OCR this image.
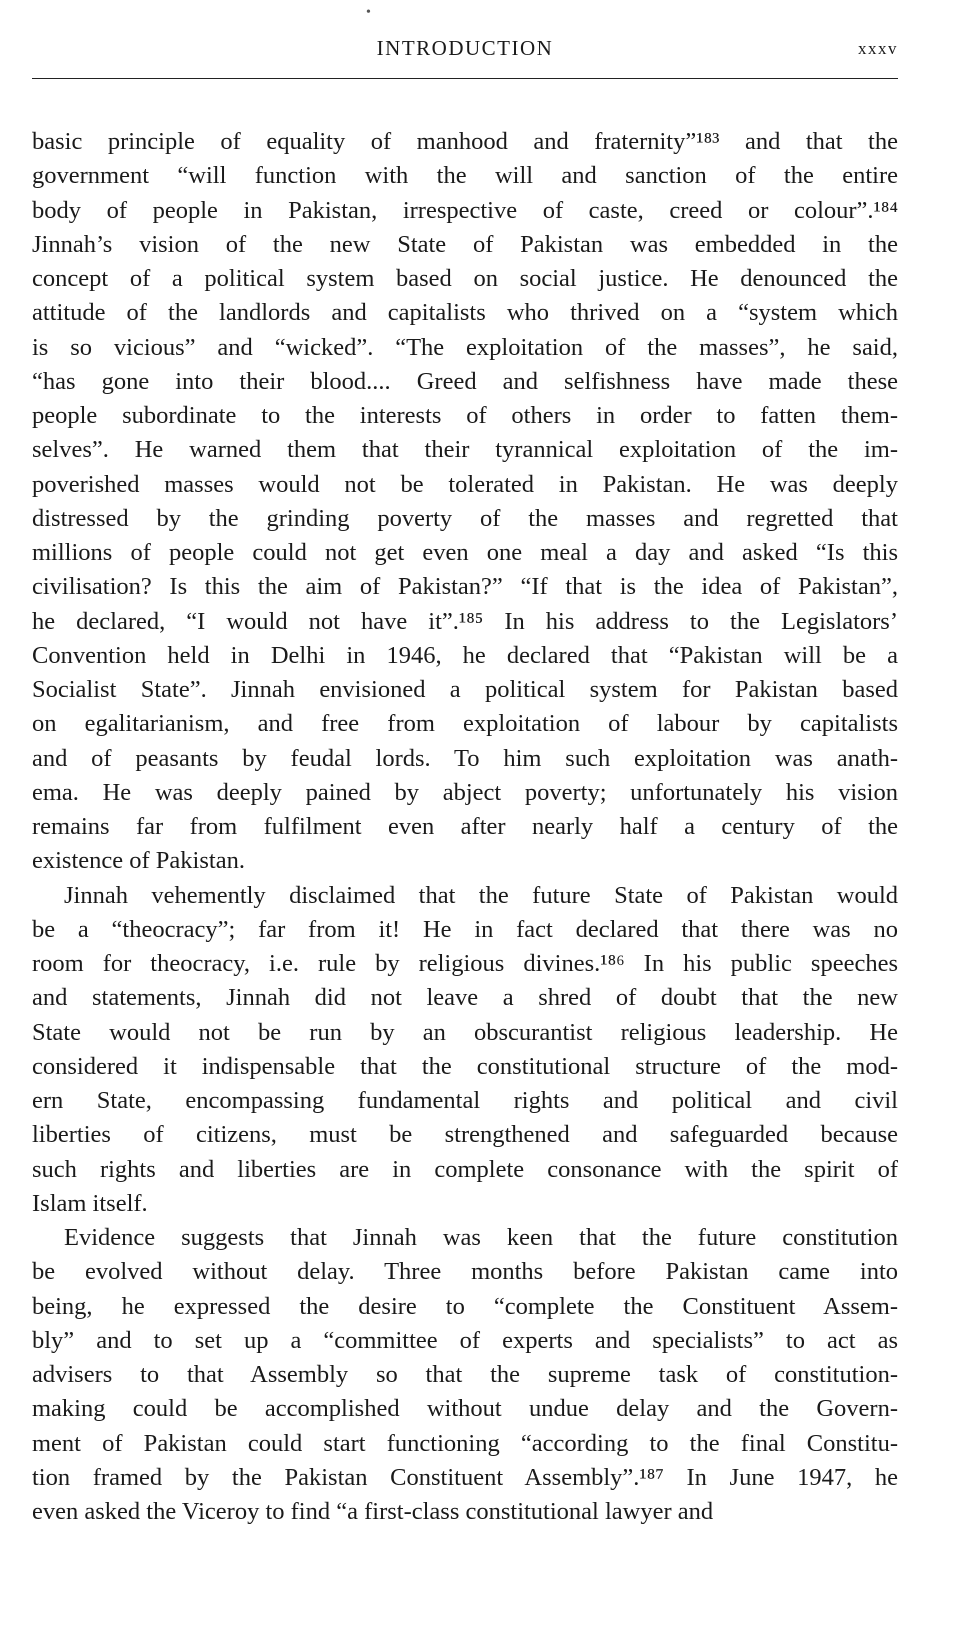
•
INTRODUCTION	xxxv
basic principle of equality of manhood and fraternity”¹⁸³ and that the
government “will function with the will and sanction of the entire
body of people in Pakistan, irrespective of caste, creed or colour”.¹⁸⁴
Jinnah’s vision of the new State of Pakistan was embedded in the
concept of a political system based on social justice. He denounced the
attitude of the landlords and capitalists who thrived on a “system which
is so vicious” and “wicked”. “The exploitation of the masses”, he said,
“has gone into their blood.... Greed and selfishness have made these
people subordinate to the interests of others in order to fatten them-
selves”. He warned them that their tyrannical exploitation of the im-
poverished masses would not be tolerated in Pakistan. He was deeply
distressed by the grinding poverty of the masses and regretted that
millions of people could not get even one meal a day and asked “Is this
civilisation? Is this the aim of Pakistan?” “If that is the idea of Pakistan”,
he declared, “I would not have it”.¹⁸⁵ In his address to the Legislators’
Convention held in Delhi in 1946, he declared that “Pakistan will be a
Socialist State”. Jinnah envisioned a political system for Pakistan based
on egalitarianism, and free from exploitation of labour by capitalists
and of peasants by feudal lords. To him such exploitation was anath-
ema. He was deeply pained by abject poverty; unfortunately his vision
remains far from fulfilment even after nearly half a century of the
existence of Pakistan.
Jinnah vehemently disclaimed that the future State of Pakistan would
be a “theocracy”; far from it! He in fact declared that there was no
room for theocracy, i.e. rule by religious divines.¹⁸⁶ In his public speeches
and statements, Jinnah did not leave a shred of doubt that the new
State would not be run by an obscurantist religious leadership. He
considered it indispensable that the constitutional structure of the mod-
ern State, encompassing fundamental rights and political and civil
liberties of citizens, must be strengthened and safeguarded because
such rights and liberties are in complete consonance with the spirit of
Islam itself.
Evidence suggests that Jinnah was keen that the future constitution
be evolved without delay. Three months before Pakistan came into
being, he expressed the desire to “complete the Constituent Assem-
bly” and to set up a “committee of experts and specialists” to act as
advisers to that Assembly so that the supreme task of constitution-
making could be accomplished without undue delay and the Govern-
ment of Pakistan could start functioning “according to the final Constitu-
tion framed by the Pakistan Constituent Assembly”.¹⁸⁷ In June 1947, he
even asked the Viceroy to find “a first-class constitutional lawyer and
